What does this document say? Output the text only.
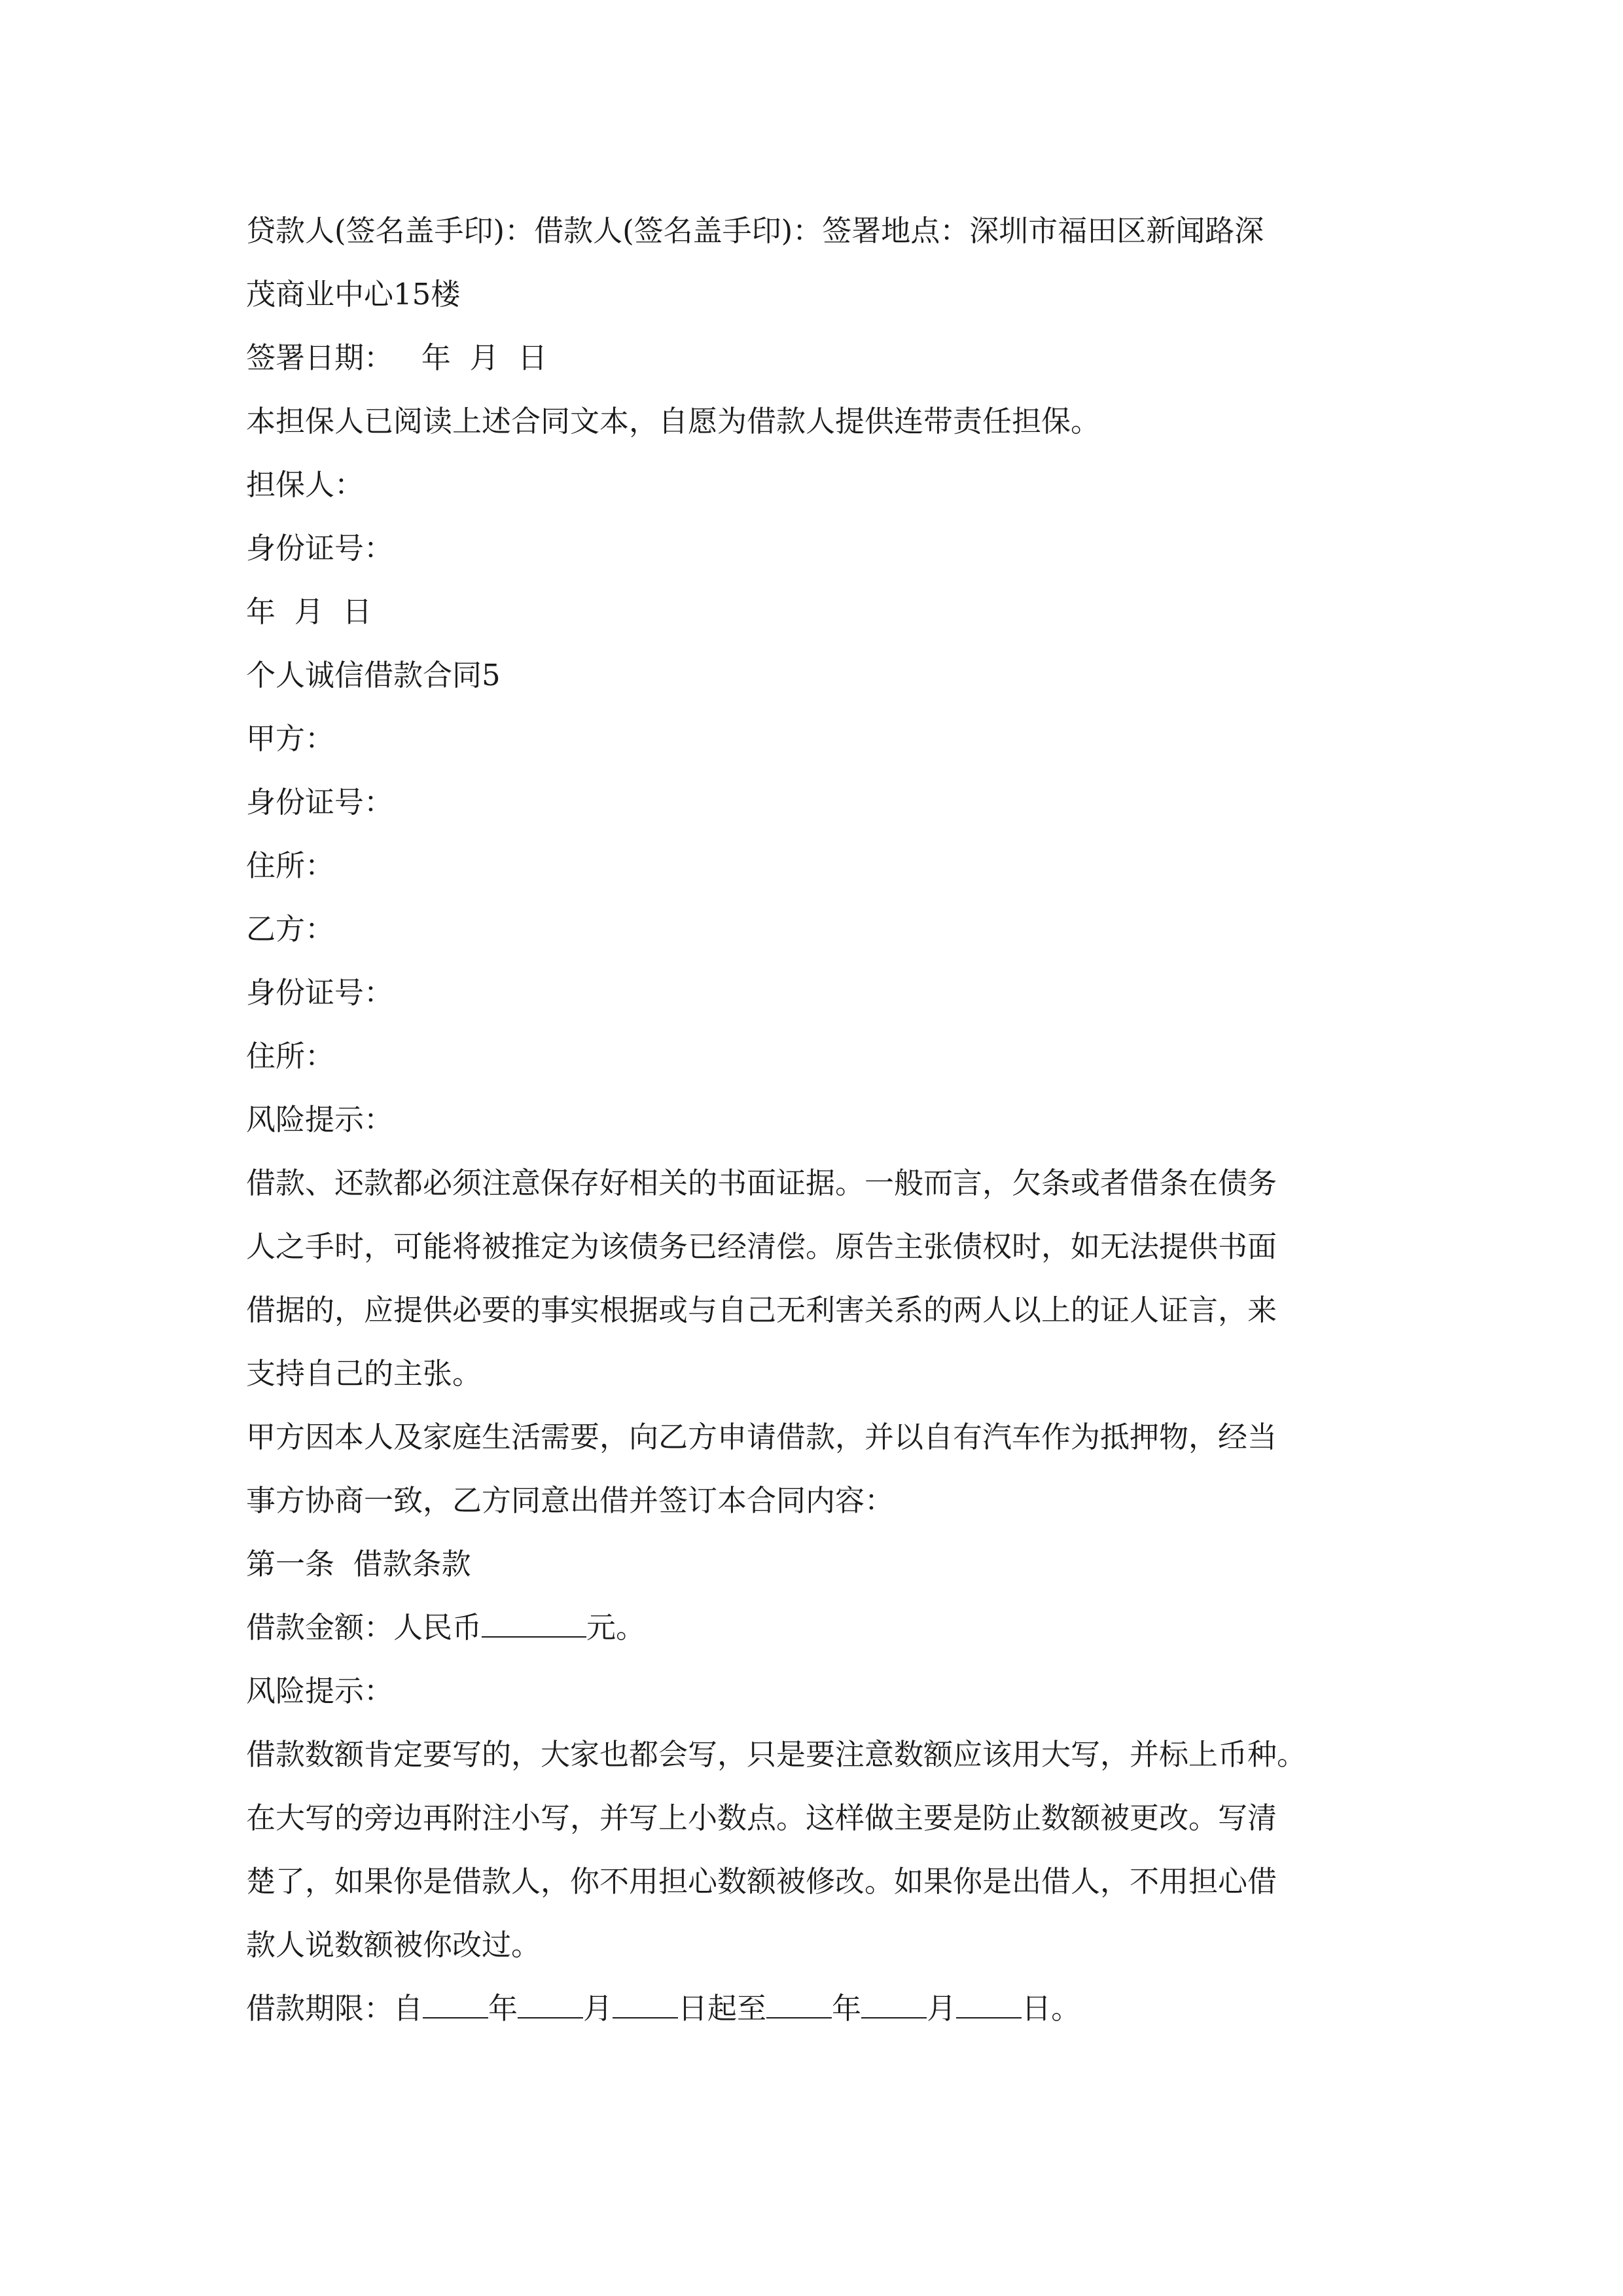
贷款人(签名盖手印)：借款人(签名盖手印)：签署地点：深圳市福田区新闻路深
茂商业中心15楼
签署日期：   年  月  日
本担保人已阅读上述合同文本，自愿为借款人提供连带责任担保。
担保人：
身份证号：
年  月  日
个人诚信借款合同5
甲方：
身份证号：
住所：
乙方：
身份证号：
住所：
风险提示：
借款、还款都必须注意保存好相关的书面证据。一般而言，欠条或者借条在债务
人之手时，可能将被推定为该债务已经清偿。原告主张债权时，如无法提供书面
借据的，应提供必要的事实根据或与自己无利害关系的两人以上的证人证言，来
支持自己的主张。
甲方因本人及家庭生活需要，向乙方申请借款，并以自有汽车作为抵押物，经当
事方协商一致，乙方同意出借并签订本合同内容：
第一条  借款条款
借款金额：人民币	元。
风险提示：
借款数额肯定要写的，大家也都会写，只是要注意数额应该用大写，并标上币种。
在大写的旁边再附注小写，并写上小数点。这样做主要是防止数额被更改。写清
楚了，如果你是借款人，你不用担心数额被修改。如果你是出借人，不用担心借
款人说数额被你改过。
借款期限：自 年 月 日起至 年 月 日。
